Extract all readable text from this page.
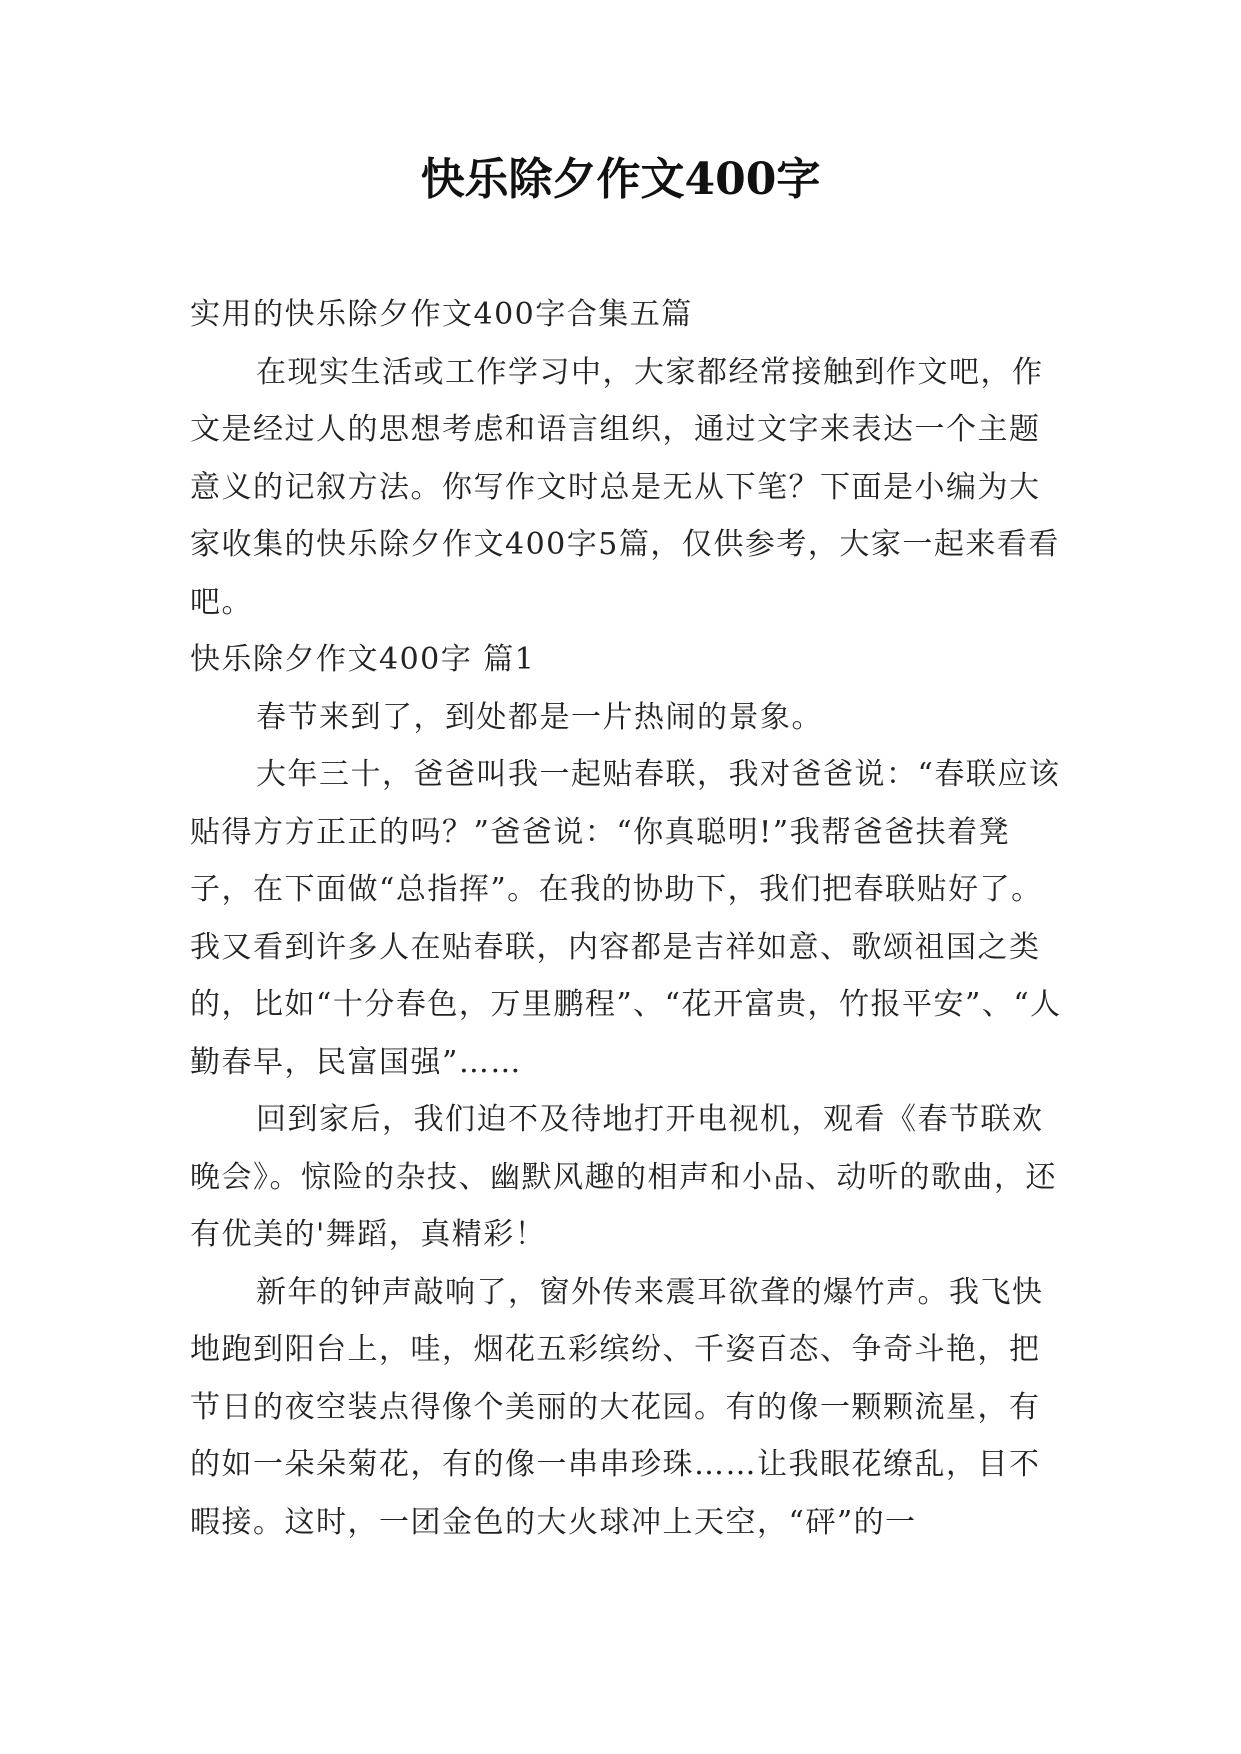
快乐除夕作文400字

实用的快乐除夕作文400字合集五篇

在现实生活或工作学习中，大家都经常接触到作文吧，作文是经过人的思想考虑和语言组织，通过文字来表达一个主题意义的记叙方法。你写作文时总是无从下笔？下面是小编为大家收集的快乐除夕作文400字5篇，仅供参考，大家一起来看看吧。

快乐除夕作文400字 篇1

春节来到了，到处都是一片热闹的景象。

大年三十，爸爸叫我一起贴春联，我对爸爸说：“春联应该贴得方方正正的吗？”爸爸说：“你真聪明!”我帮爸爸扶着凳子，在下面做“总指挥”。在我的协助下，我们把春联贴好了。我又看到许多人在贴春联，内容都是吉祥如意、歌颂祖国之类的，比如“十分春色，万里鹏程”、“花开富贵，竹报平安”、“人勤春早，民富国强”……

回到家后，我们迫不及待地打开电视机，观看《春节联欢晚会》。惊险的杂技、幽默风趣的相声和小品、动听的歌曲，还有优美的'舞蹈，真精彩！

新年的钟声敲响了，窗外传来震耳欲聋的爆竹声。我飞快地跑到阳台上，哇，烟花五彩缤纷、千姿百态、争奇斗艳，把节日的夜空装点得像个美丽的大花园。有的像一颗颗流星，有的如一朵朵菊花，有的像一串串珍珠……让我眼花缭乱，目不暇接。这时，一团金色的大火球冲上天空，“砰”的一
